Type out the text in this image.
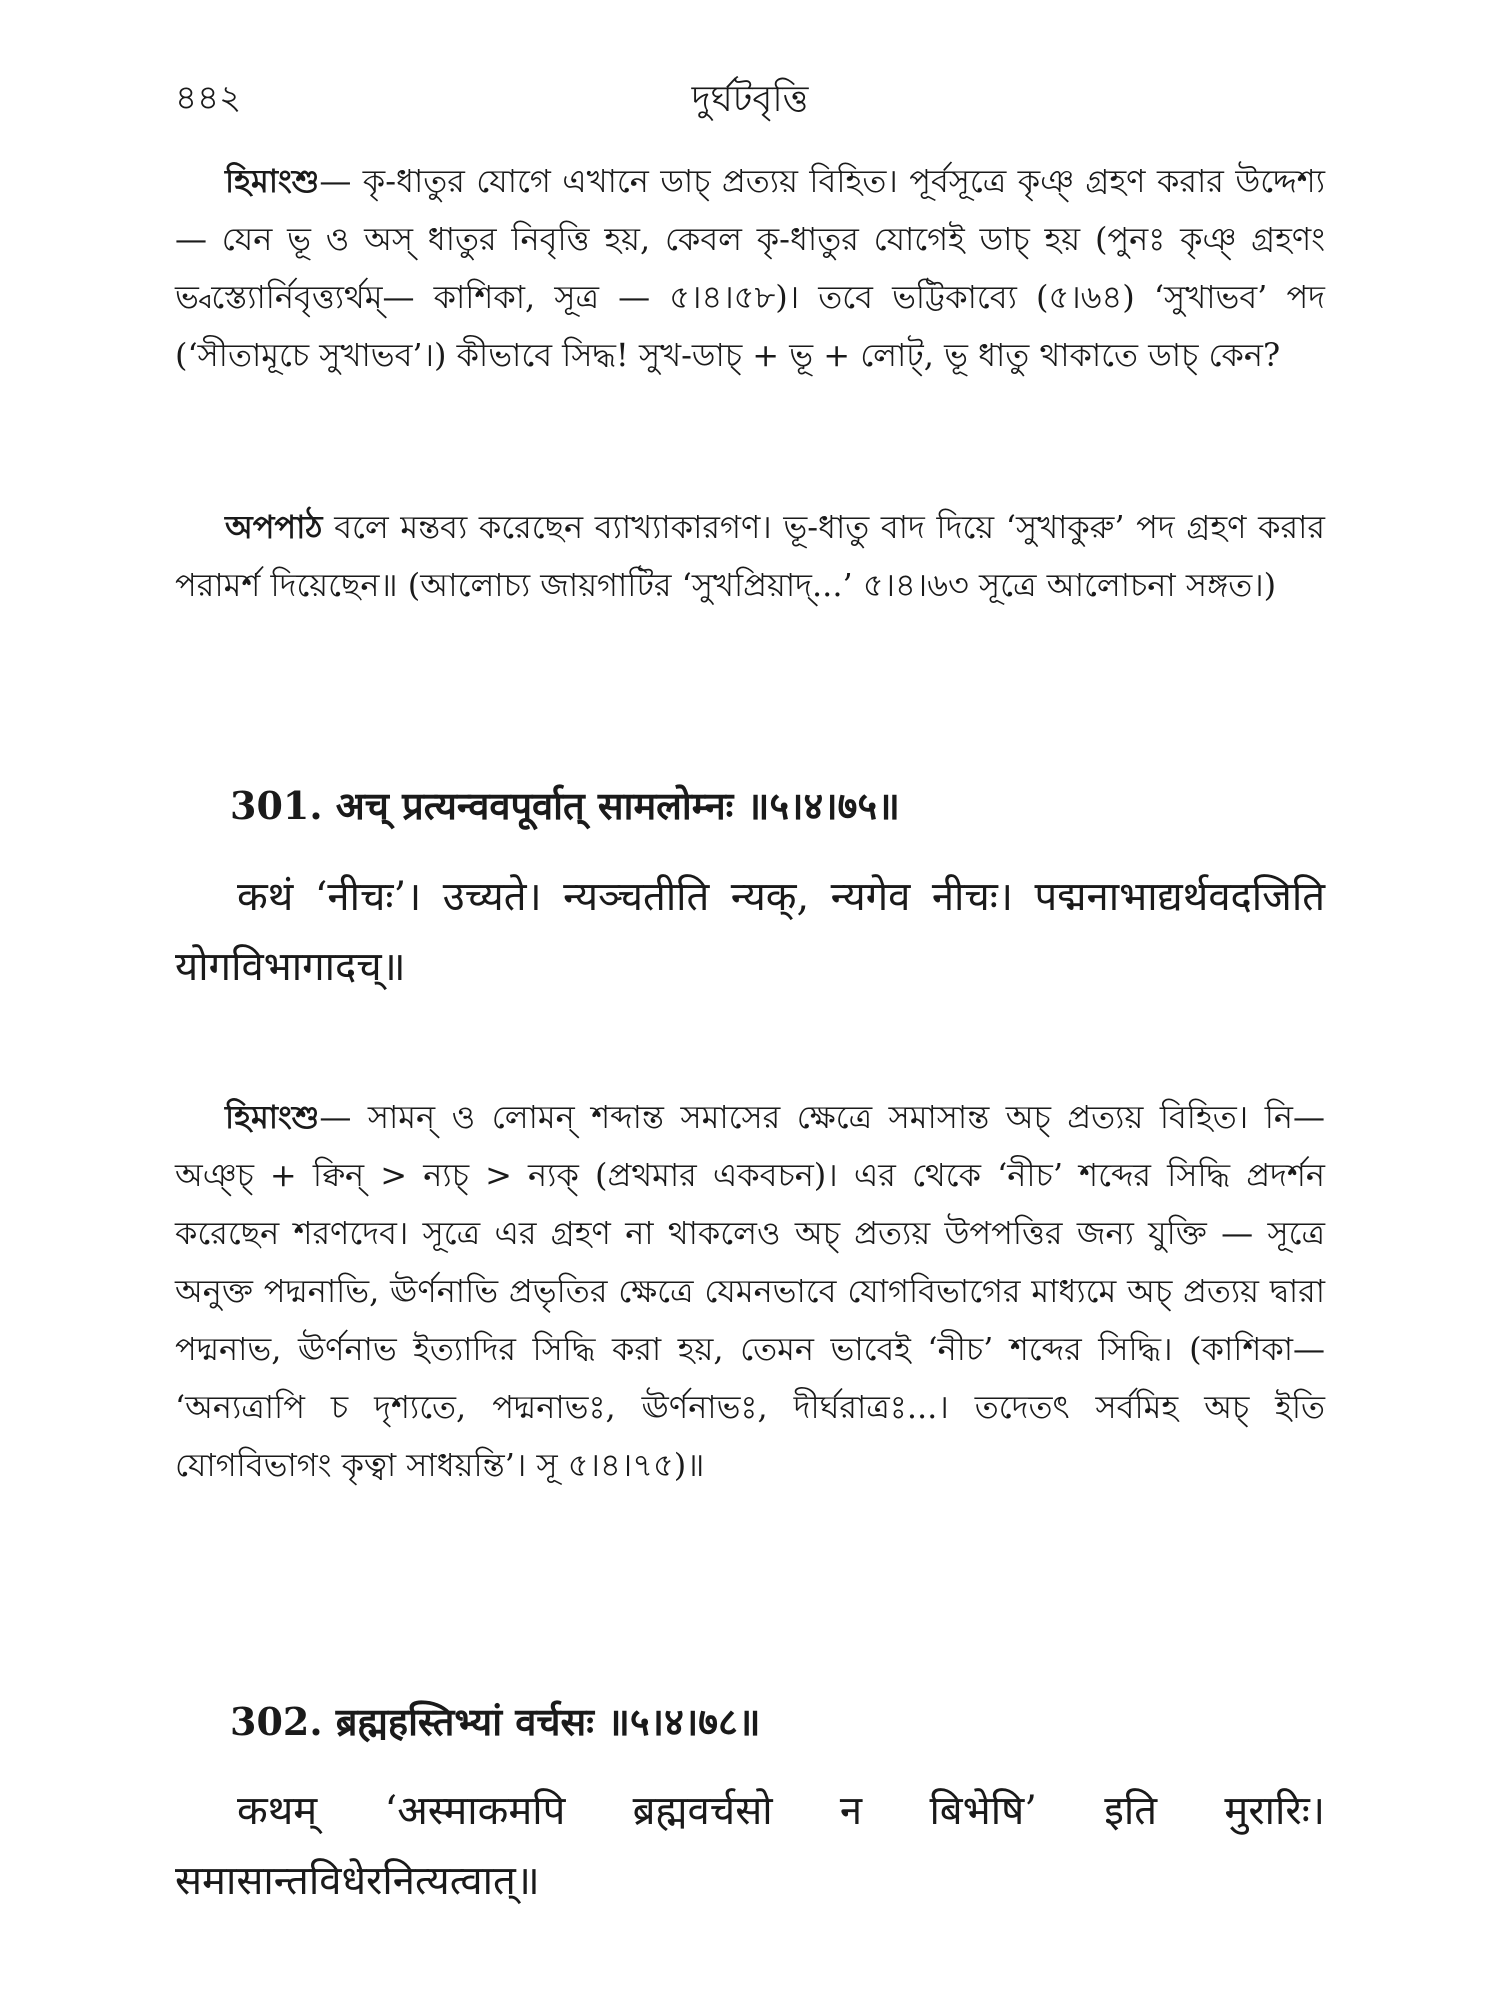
৪৪২	দুর্ঘটবৃত্তি

হিমাংশু— কৃ-ধাতুর যোগে এখানে ডাচ্ প্রত্যয় বিহিত। পূর্বসূত্রে কৃঞ্ গ্রহণ করার উদ্দেশ্য— যেন ভূ ও অস্ ধাতুর নিবৃত্তি হয়, কেবল কৃ-ধাতুর যোগেই ডাচ্ হয় (পুনঃ কৃঞ্ গ্রহণং ভ্বস্ত্যোর্নিবৃত্ত্যর্থম্— কাশিকা, সূত্র — ৫।৪।৫৮)। তবে ভট্টিকাব্যে (৫।৬৪) ‘সুখাভব’ পদ (‘সীতামূচে সুখাভব’।) কীভাবে সিদ্ধ! সুখ-ডাচ্ + ভূ + লোট্, ভূ ধাতু থাকাতে ডাচ্ কেন?

অপপাঠ বলে মন্তব্য করেছেন ব্যাখ্যাকারগণ। ভূ-ধাতু বাদ দিয়ে ‘সুখাকুরু’ পদ গ্রহণ করার পরামর্শ দিয়েছেন॥ (আলোচ্য জায়গাটির ‘সুখপ্রিয়াদ্...’ ৫।৪।৬৩ সূত্রে আলোচনা সঙ্গত।)

301. अच् प्रत्यन्ववपूर्वात् सामलोम्नः ॥५।४।७५॥

कथं ‘नीचः’। उच्यते। न्यञ्चतीति न्यक्, न्यगेव नीचः। पद्मनाभाद्यर्थवदजिति योगविभागादच्॥

হিমাংশু— সামন্ ও লোমন্ শব্দান্ত সমাসের ক্ষেত্রে সমাসান্ত অচ্ প্রত্যয় বিহিত। নি— অঞ্চ্ + ক্বিন্ > ন্যচ্ > ন্যক্ (প্রথমার একবচন)। এর থেকে ‘নীচ’ শব্দের সিদ্ধি প্রদর্শন করেছেন শরণদেব। সূত্রে এর গ্রহণ না থাকলেও অচ্ প্রত্যয় উপপত্তির জন্য যুক্তি — সূত্রে অনুক্ত পদ্মনাভি, ঊর্ণনাভি প্রভৃতির ক্ষেত্রে যেমনভাবে যোগবিভাগের মাধ্যমে অচ্ প্রত্যয় দ্বারা পদ্মনাভ, ঊর্ণনাভ ইত্যাদির সিদ্ধি করা হয়, তেমন ভাবেই ‘নীচ’ শব্দের সিদ্ধি। (কাশিকা— ‘অন্যত্রাপি চ দৃশ্যতে, পদ্মনাভঃ, ঊর্ণনাভঃ, দীর্ঘরাত্রঃ...। তদেতৎ সর্বমিহ অচ্ ইতি যোগবিভাগং কৃত্বা সাধয়ন্তি’। সূ ৫।৪।৭৫)॥

302. ब्रह्महस्तिभ्यां वर्चसः ॥५।४।७८॥

कथम् ‘अस्माकमपि ब्रह्मवर्चसो न बिभेषि’ इति मुरारिः। समासान्तविधेरनित्यत्वात्॥
